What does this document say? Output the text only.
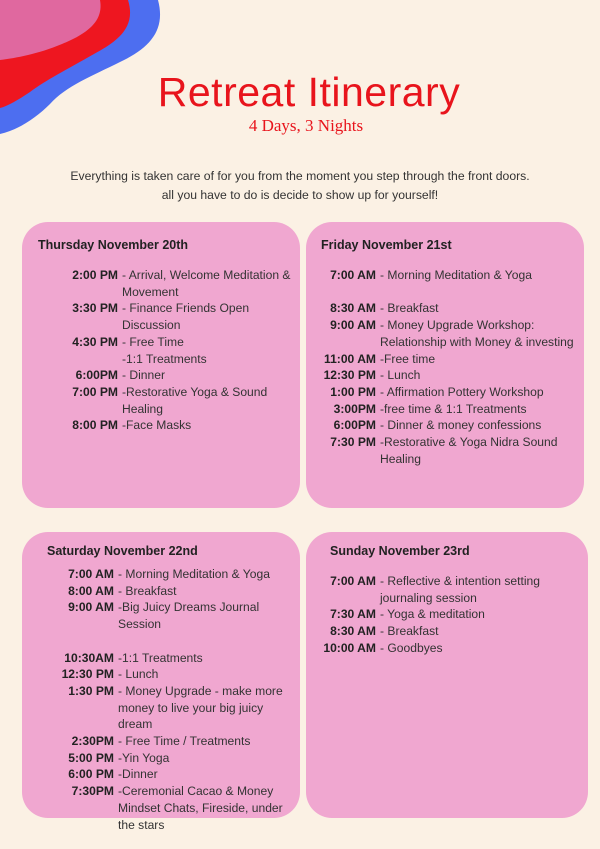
Retreat Itinerary
4 Days, 3 Nights

Everything is taken care of for you from the moment you step through the front doors.

all you have to do is decide to show up for yourself!

Thursday November 20th
2:00 PM - Arrival, Welcome Meditation & Movement
3:30 PM - Finance Friends Open Discussion
4:30 PM - Free Time
-1:1 Treatments
6:00PM - Dinner
7:00 PM -Restorative Yoga & Sound Healing
8:00 PM -Face Masks
Friday November 21st
7:00 AM - Morning Meditation & Yoga
8:30 AM - Breakfast
9:00 AM - Money Upgrade Workshop: Relationship with Money & investing
11:00 AM -Free time
12:30 PM - Lunch
1:00 PM - Affirmation Pottery Workshop
3:00PM -free time & 1:1 Treatments
6:00PM - Dinner & money confessions
7:30 PM -Restorative & Yoga Nidra Sound Healing
Saturday November 22nd
7:00 AM - Morning Meditation & Yoga
8:00 AM - Breakfast
9:00 AM -Big Juicy Dreams Journal Session
10:30AM -1:1 Treatments
12:30 PM - Lunch
1:30 PM - Money Upgrade - make more money to live your big juicy dream
2:30PM - Free Time / Treatments
5:00 PM -Yin Yoga
6:00 PM -Dinner
7:30PM -Ceremonial Cacao & Money Mindset Chats, Fireside, under the stars
Sunday November 23rd
7:00 AM - Reflective & intention setting journaling session
7:30 AM - Yoga & meditation
8:30 AM - Breakfast
10:00 AM - Goodbyes
